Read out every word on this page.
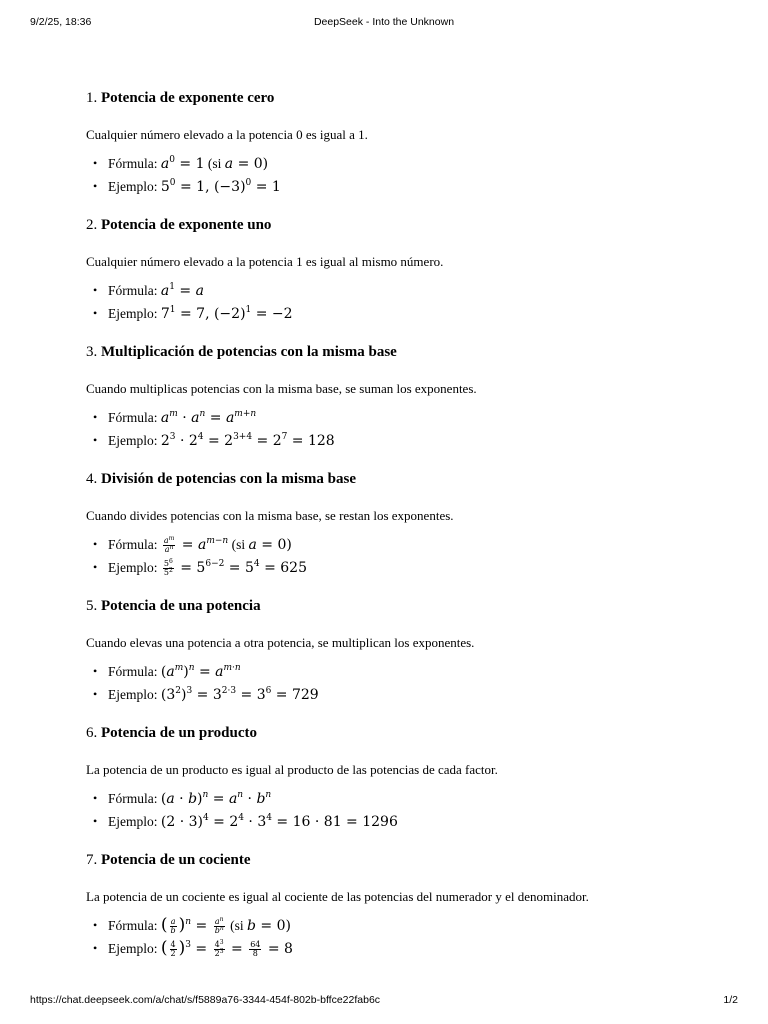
9/2/25, 18:36	DeepSeek - Into the Unknown
1. Potencia de exponente cero

Cualquier número elevado a la potencia 0 es igual a 1.

• Fórmula: $a^0 = 1$ (si a = 0)
• Ejemplo: $5^0 = 1$, $(-3)^0 = 1$
2. Potencia de exponente uno

Cualquier número elevado a la potencia 1 es igual al mismo número.

• Fórmula: $a^1 = a$
• Ejemplo: $7^1 = 7$, $(-2)^1 = -2$
3. Multiplicación de potencias con la misma base

Cuando multiplicas potencias con la misma base, se suman los exponentes.

• Fórmula: $a^m \cdot a^n = a^{m+n}$
• Ejemplo: $2^3 \cdot 2^4 = 2^{3+4} = 2^7 = 128$
4. División de potencias con la misma base

Cuando divides potencias con la misma base, se restan los exponentes.

• Fórmula: $\frac{a^m}{a^n} = a^{m-n}$ (si a = 0)
• Ejemplo: $\frac{5^6}{5^2} = 5^{6-2} = 5^4 = 625$
5. Potencia de una potencia

Cuando elevas una potencia a otra potencia, se multiplican los exponentes.

• Fórmula: $(a^m)^n = a^{m\cdot n}$
• Ejemplo: $(3^2)^3 = 3^{2\cdot 3} = 3^6 = 729$
6. Potencia de un producto

La potencia de un producto es igual al producto de las potencias de cada factor.

• Fórmula: $(a \cdot b)^n = a^n \cdot b^n$
• Ejemplo: $(2 \cdot 3)^4 = 2^4 \cdot 3^4 = 16 \cdot 81 = 1296$
7. Potencia de un cociente

La potencia de un cociente es igual al cociente de las potencias del numerador y el denominador.

• Fórmula: ( $\frac{a}{b} )^n = \frac{a^n}{b^n} (si$ b = 0)
• Ejemplo: ( $\frac{4}{2} )^3 = \frac{4^3}{2^3} = \frac{64}{8} = 8$
https://chat.deepseek.com/a/chat/s/f5889a76-3344-454f-802b-bffce22fab6c	1/2
